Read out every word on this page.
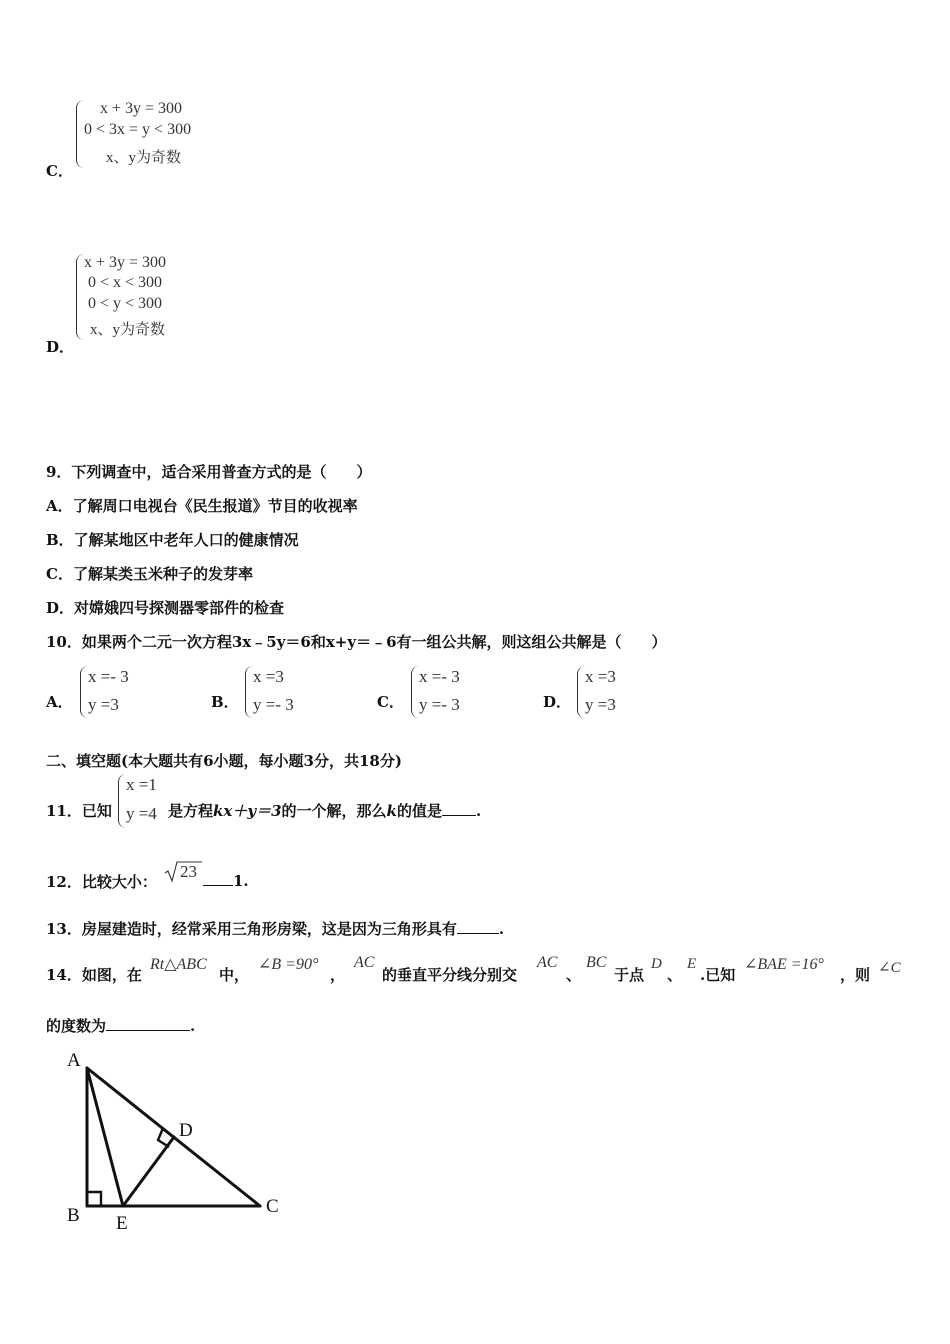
C．
x + 3y = 300
0 < 3x = y < 300
x、y为奇数
D．
x + 3y = 300
0 < x < 300
0 < y < 300
x、y为奇数
9．下列调查中，适合采用普查方式的是（　　）
A．了解周口电视台《民生报道》节目的收视率
B．了解某地区中老年人口的健康情况
C．了解某类玉米种子的发芽率
D．对嫦娥四号探测器零部件的检查
10．如果两个二元一次方程3x﹣5y＝6和x+y＝﹣6有一组公共解，则这组公共解是（　　）
A．
x =- 3
y =3	B．
x =3
y =- 3	C．
x =- 3
y =- 3	D．
x =3
y =3
二、填空题(本大题共有6小题，每小题3分，共18分)
11．已知
x =1
y =4 是方程kx＋y＝3的一个解，那么k的值是 .
12．比较大小：
23	1.
13．房屋建造时，经常采用三角形房梁，这是因为三角形具有	.
14．如图，在
Rt△ABC
中，
∠B =90°
，
AC
的垂直平分线分别交
AC
、
BC
于点
D
、
E
.已知
∠BAE =16°
，则 ∠C
的度数为	.
A
B	C
D
E
